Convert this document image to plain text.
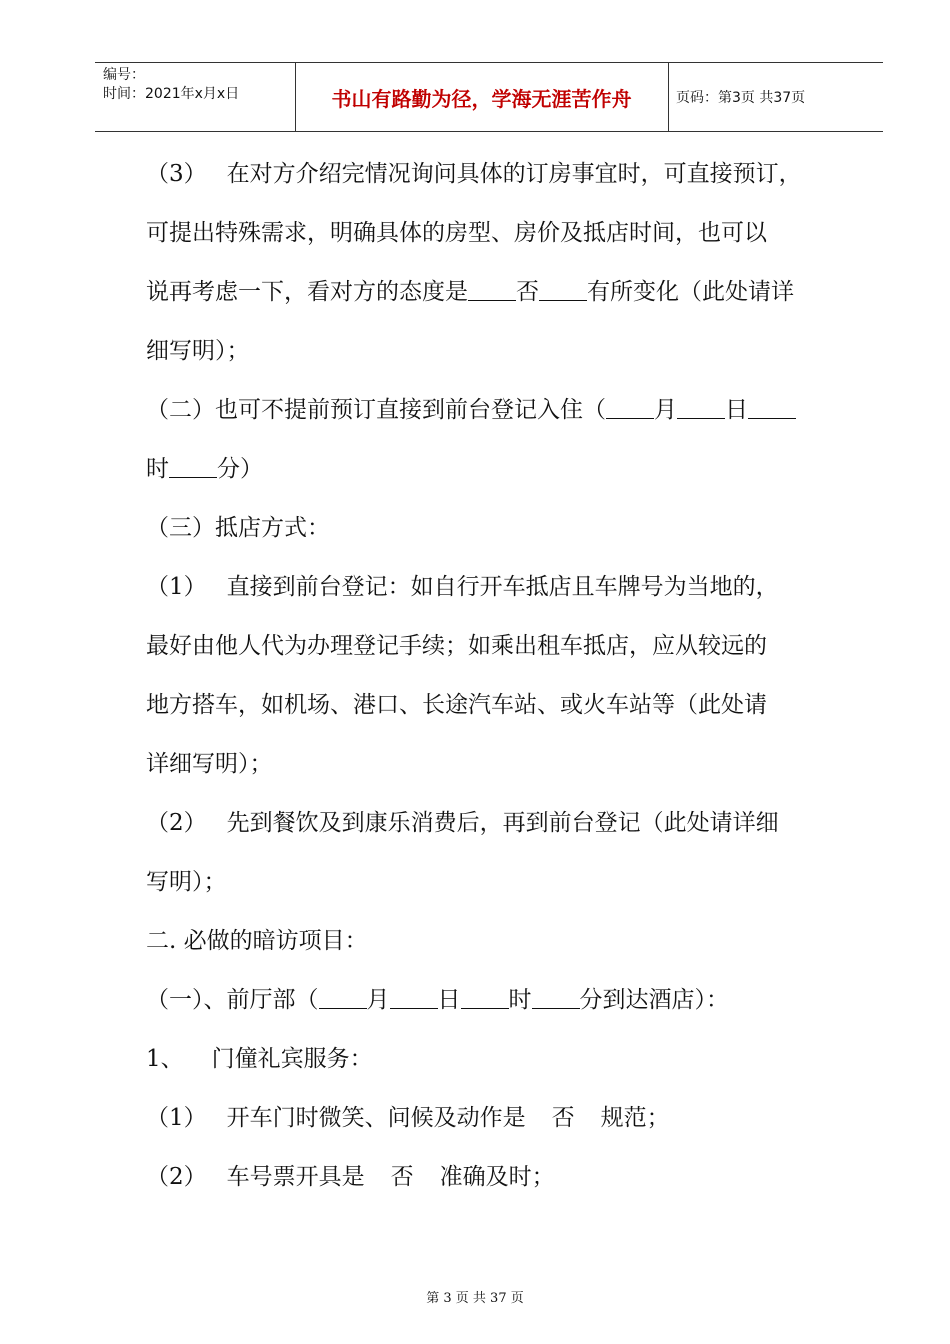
编号：
时间：2021年x月x日	书山有路勤为径，学海无涯苦作舟	页码：第3页 共37页
（3） 在对方介绍完情况询问具体的订房事宜时，可直接预订，
可提出特殊需求，明确具体的房型、房价及抵店时间，也可以
说再考虑一下，看对方的态度是 否 有所变化（此处请详
细写明）；
（二）也可不提前预订直接到前台登记入住（ 月 日
时 分）
（三）抵店方式：
（1） 直接到前台登记：如自行开车抵店且车牌号为当地的，
最好由他人代为办理登记手续；如乘出租车抵店，应从较远的
地方搭车，如机场、港口、长途汽车站、或火车站等（此处请
详细写明）；
（2） 先到餐饮及到康乐消费后，再到前台登记（此处请详细
写明）；
二. 必做的暗访项目：
（一）、前厅部（ 月 日 时 分到达酒店）：
1、 门僮礼宾服务：
（1） 开车门时微笑、问候及动作是 否 规范；
（2） 车号票开具是 否 准确及时；
第 3 页 共 37 页
